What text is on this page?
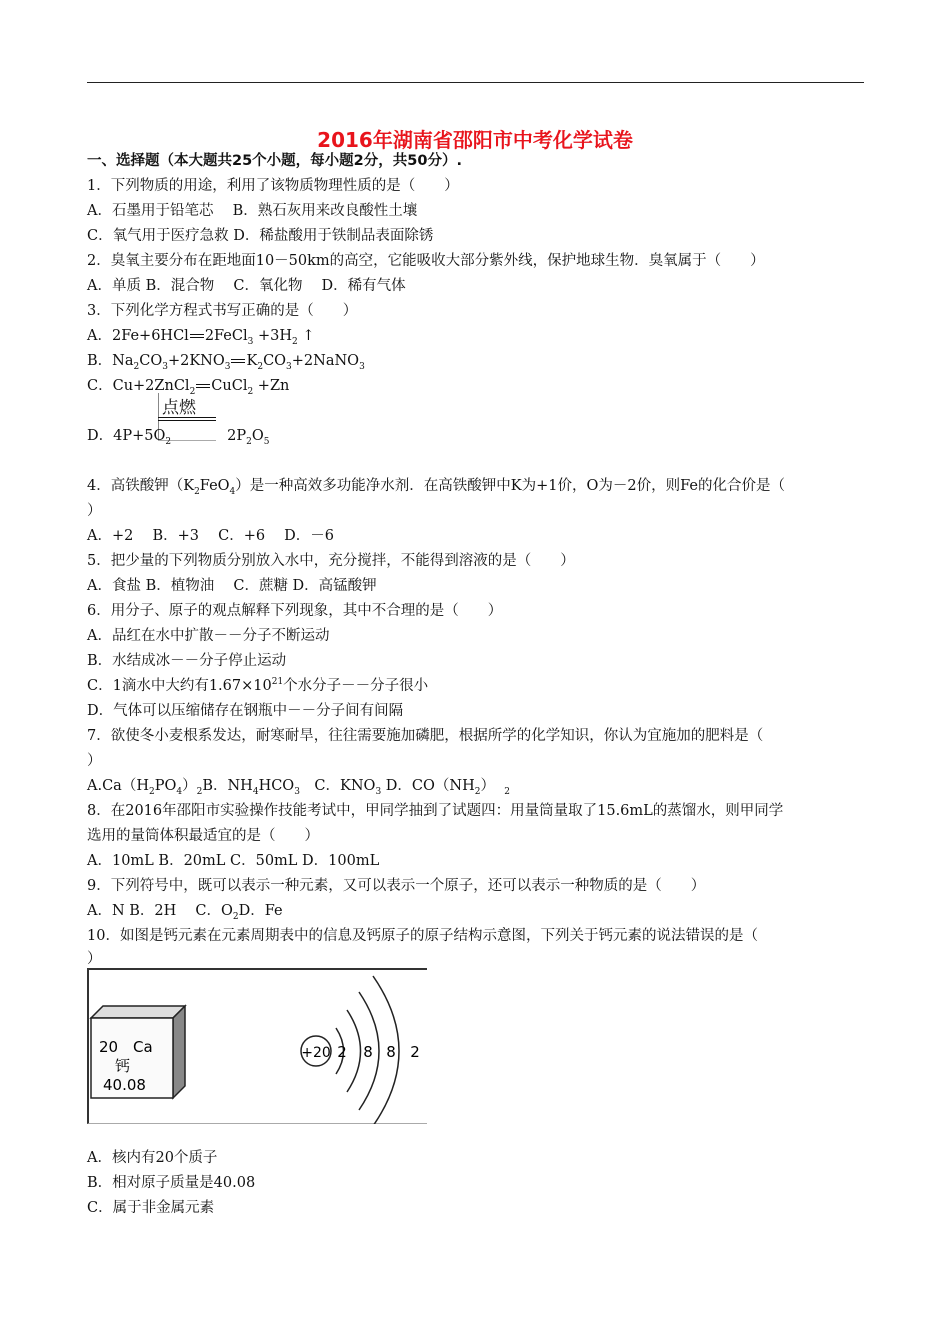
2016年湖南省邵阳市中考化学试卷
一、选择题（本大题共25个小题，每小题2分，共50分）.
1．下列物质的用途，利用了该物质物理性质的是（　　）
A．石墨用于铅笔芯　 B．熟石灰用来改良酸性土壤
C．氧气用于医疗急救 D．稀盐酸用于铁制品表面除锈
2．臭氧主要分布在距地面10－50km的高空，它能吸收大部分紫外线，保护地球生物．臭氧属于（　　）
A．单质 B．混合物　 C．氧化物　 D．稀有气体
3．下列化学方程式书写正确的是（　　）
A．2Fe+6HCl 2FeCl$_3$ $+3H_2$ ↑
B．$Na_2CO_3+2KNO_3$ $K_2CO_3+2NaNO_3$
C．Cu+2ZnCl$_2$ CuCl$_2$ +Zn
点燃
D．$4P+5O_2$	$2P_2O_5$
4．高铁酸钾$(K_2FeO_4)$是一种高效多功能净水剂．在高铁酸钾中K为+1价，O为－2价，则Fe的化合价是（
）
A．+2　 B．+3　 C．+6　 D．－6
5．把少量的下列物质分别放入水中，充分搅拌，不能得到溶液的是（　　）
A．食盐 B．植物油　 C．蔗糖 D．高锰酸钾
6．用分子、原子的观点解释下列现象，其中不合理的是（　　）
A．品红在水中扩散－－分子不断运动
B．水结成冰－－分子停止运动
C．1滴水中大约有$1.67\times 10^{21}$个水分子－－分子很小
D．气体可以压缩储存在钢瓶中－－分子间有间隔
7．欲使冬小麦根系发达，耐寒耐旱，往往需要施加磷肥，根据所学的化学知识，你认为宜施加的肥料是（
）
$A.Ca(H_2PO_4)_2B$．$NH_4HCO_3$　C．$KNO_3$ D．$CO(NH_2)$ $_2$
8．在2016年邵阳市实验操作技能考试中，甲同学抽到了试题四：用量筒量取了15.6mL的蒸馏水，则甲同学
选用的量筒体积最适宜的是（　　）
A．10mL B．20mL C．50mL D．100mL
9．下列符号中，既可以表示一种元素，又可以表示一个原子，还可以表示一种物质的是（　　）
A．N B．2H　 C．$O_2D$．Fe
10．如图是钙元素在元素周期表中的信息及钙原子的原子结构示意图，下列关于钙元素的说法错误的是（
）
20 Ca
钙
40.08
+20 2 8 8 2
A．核内有20个质子
B．相对原子质量是40.08
C．属于非金属元素
